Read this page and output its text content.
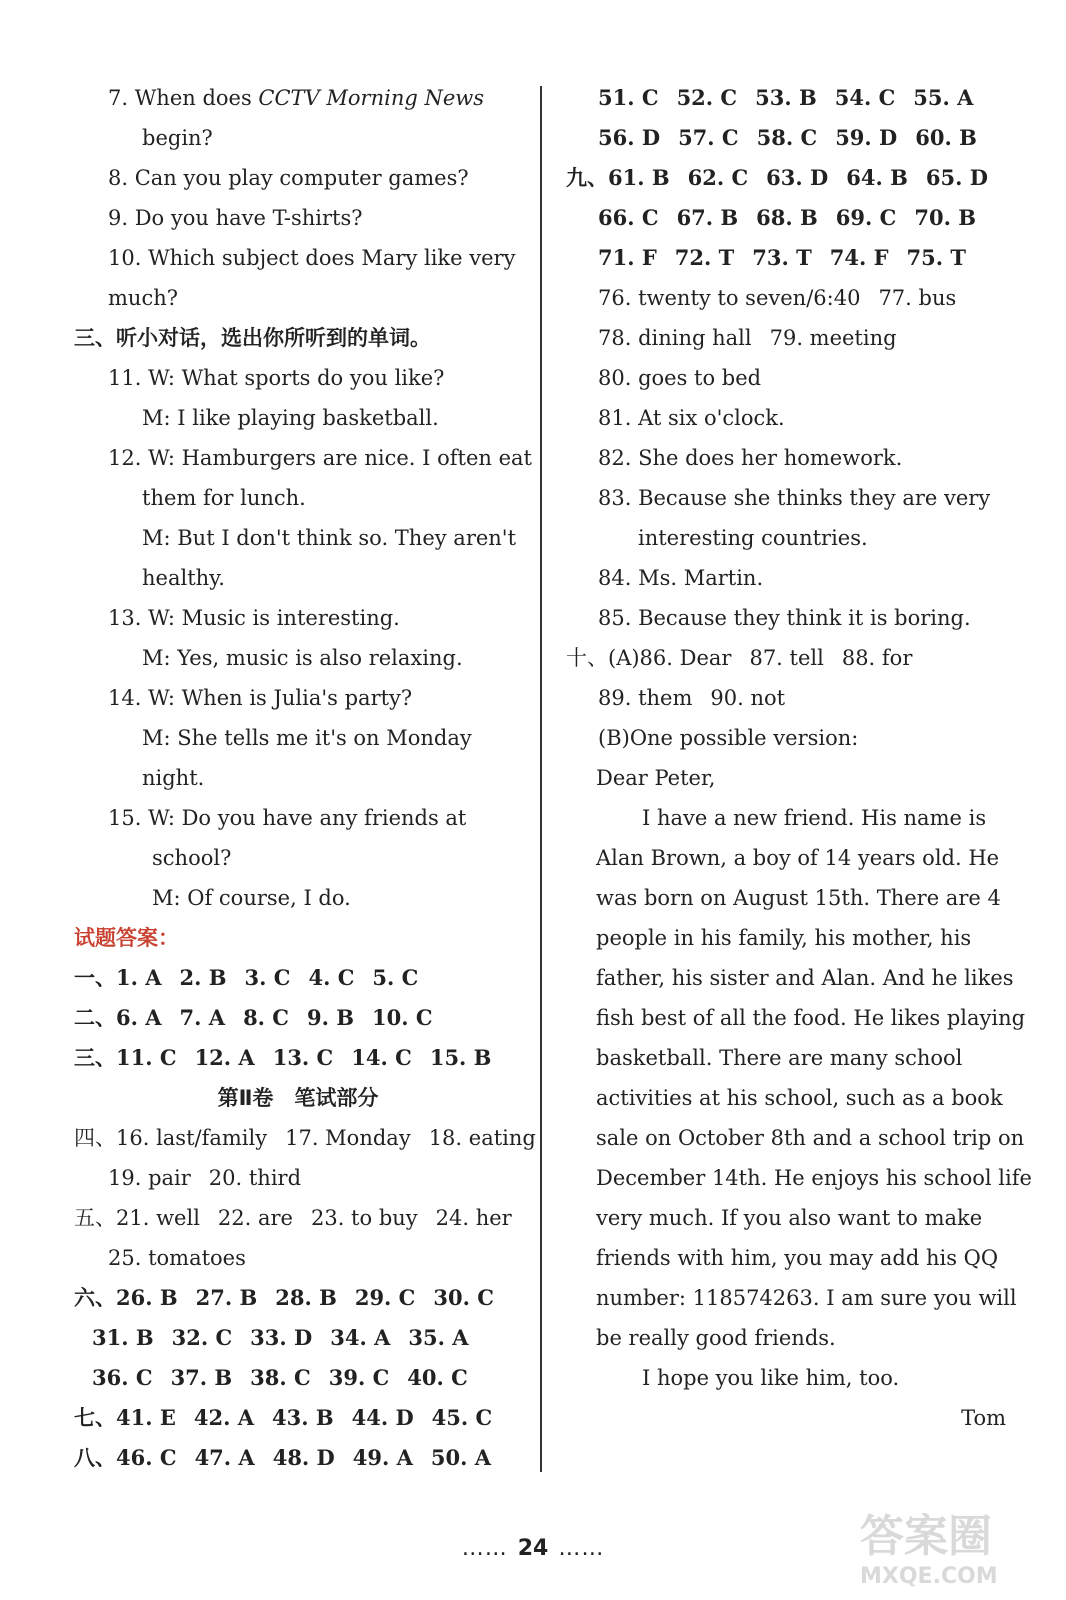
7. When does CCTV Morning News
begin?
8. Can you play computer games?
9. Do you have T-shirts?
10. Which subject does Mary like very
much?
三、听小对话，选出你所听到的单词。
11. W: What sports do you like?
M: I like playing basketball.
12. W: Hamburgers are nice. I often eat
them for lunch.
M: But I don't think so. They aren't
healthy.
13. W: Music is interesting.
M: Yes, music is also relaxing.
14. W: When is Julia's party?
M: She tells me it's on Monday
night.
15. W: Do you have any friends at
school?
M: Of course, I do.
试题答案：
一、1. A 2. B 3. C 4. C 5. C
二、6. A 7. A 8. C 9. B 10. C
三、11. C 12. A 13. C 14. C 15. B
第Ⅱ卷　笔试部分
四、16. last/family 17. Monday 18. eating
19. pair 20. third
五、21. well 22. are 23. to buy 24. her
25. tomatoes
六、26. B 27. B 28. B 29. C 30. C
31. B 32. C 33. D 34. A 35. A
36. C 37. B 38. C 39. C 40. C
七、41. E 42. A 43. B 44. D 45. C
八、46. C 47. A 48. D 49. A 50. A
51. C 52. C 53. B 54. C 55. A
56. D 57. C 58. C 59. D 60. B
九、61. B 62. C 63. D 64. B 65. D
66. C 67. B 68. B 69. C 70. B
71. F 72. T 73. T 74. F 75. T
76. twenty to seven/6:40 77. bus
78. dining hall 79. meeting
80. goes to bed
81. At six o'clock.
82. She does her homework.
83. Because she thinks they are very
interesting countries.
84. Ms. Martin.
85. Because they think it is boring.
十、(A)86. Dear 87. tell 88. for
89. them 90. not
(B)One possible version:
Dear Peter,
I have a new friend. His name is
Alan Brown, a boy of 14 years old. He
was born on August 15th. There are 4
people in his family, his mother, his
father, his sister and Alan. And he likes
fish best of all the food. He likes playing
basketball. There are many school
activities at his school, such as a book
sale on October 8th and a school trip on
December 14th. He enjoys his school life
very much. If you also want to make
friends with him, you may add his QQ
number: 118574263. I am sure you will
be really good friends.
I hope you like him, too.
Tom
…… 24 ……	答案圈
MXQE.COM
